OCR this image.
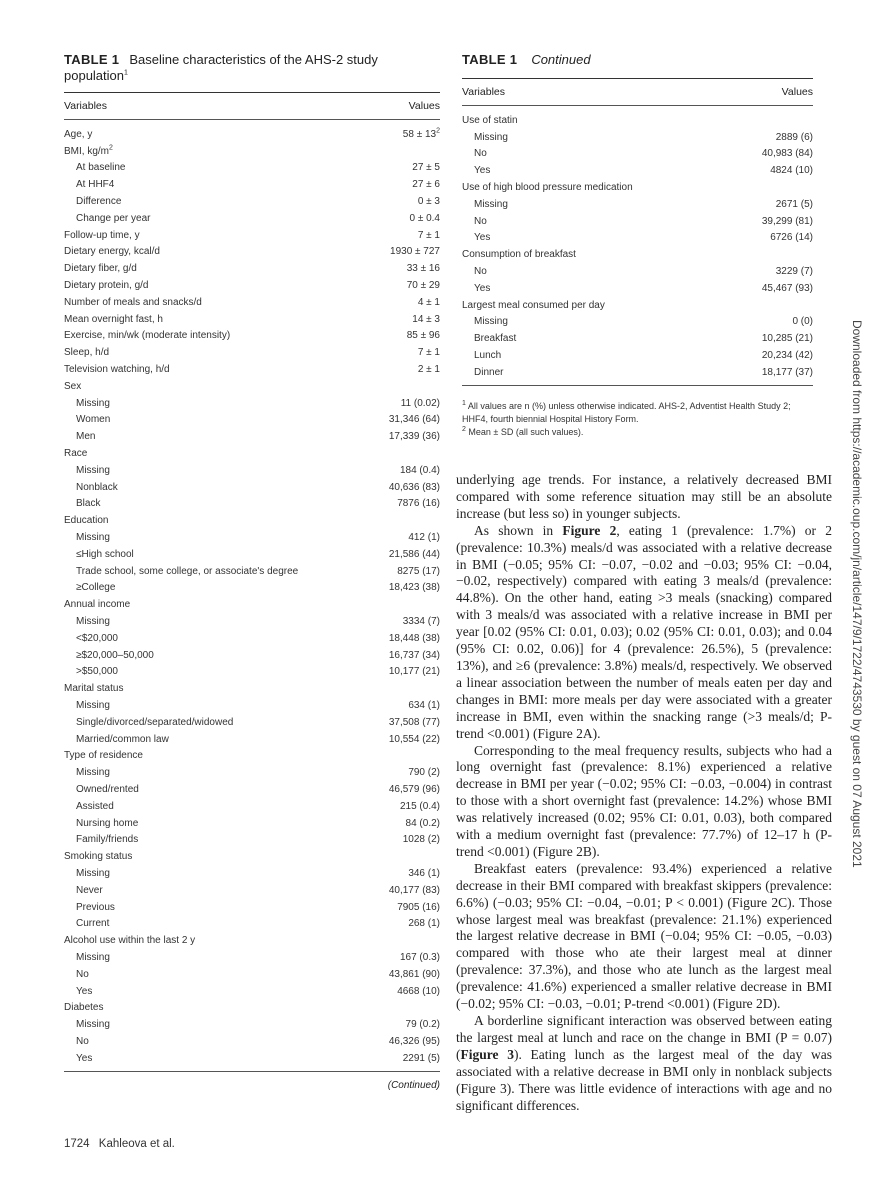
TABLE 1 Baseline characteristics of the AHS-2 study population$^1$
Variables	Values
Age, y	$58 \pm 13^2$
BMI, $kg/m^2$
At baseline	27 ± 5
At HHF4	27 ± 6
Difference	0 ± 3
Change per year	0 ± 0.4
Follow-up time, y	7 ± 1
Dietary energy, kcal/d	1930 ± 727
Dietary fiber, g/d	33 ± 16
Dietary protein, g/d	70 ± 29
Number of meals and snacks/d	4 ± 1
Mean overnight fast, h	14 ± 3
Exercise, min/wk (moderate intensity)	85 ± 96
Sleep, h/d	7 ± 1
Television watching, h/d	2 ± 1
Sex
Missing	11 (0.02)
Women	31,346 (64)
Men	17,339 (36)
Race
Missing	184 (0.4)
Nonblack	40,636 (83)
Black	7876 (16)
Education
Missing	412 (1)
≤High school	21,586 (44)
Trade school, some college, or associate's degree	8275 (17)
≥College	18,423 (38)
Annual income
Missing	3334 (7)
<$20,000	18,448 (38)
≥$20,000–50,000	16,737 (34)
>$50,000	10,177 (21)
Marital status
Missing	634 (1)
Single/divorced/separated/widowed	37,508 (77)
Married/common law	10,554 (22)
Type of residence
Missing	790 (2)
Owned/rented	46,579 (96)
Assisted	215 (0.4)
Nursing home	84 (0.2)
Family/friends	1028 (2)
Smoking status
Missing	346 (1)
Never	40,177 (83)
Previous	7905 (16)
Current	268 (1)
Alcohol use within the last 2 y
Missing	167 (0.3)
No	43,861 (90)
Yes	4668 (10)
Diabetes
Missing	79 (0.2)
No	46,326 (95)
Yes	2291 (5)
(Continued)
TABLE 1 Continued
Variables	Values
Use of statin
Missing	2889 (6)
No	40,983 (84)
Yes	4824 (10)
Use of high blood pressure medication
Missing	2671 (5)
No	39,299 (81)
Yes	6726 (14)
Consumption of breakfast
No	3229 (7)
Yes	45,467 (93)
Largest meal consumed per day
Missing	0 (0)
Breakfast	10,285 (21)
Lunch	20,234 (42)
Dinner	18,177 (37)
$^1$ All values are n (%) unless otherwise indicated. AHS-2, Adventist Health Study 2; HHF4, fourth biennial Hospital History Form.
$^2$ Mean ± SD (all such values).

underlying age trends. For instance, a relatively decreased BMI compared with some reference situation may still be an absolute increase (but less so) in younger subjects.

As shown in Figure 2, eating 1 (prevalence: 1.7%) or 2 (prevalence: 10.3%) meals/d was associated with a relative decrease in BMI (−0.05; 95% CI: −0.07, −0.02 and −0.03; 95% CI: −0.04, −0.02, respectively) compared with eating 3 meals/d (prevalence: 44.8%). On the other hand, eating >3 meals (snacking) compared with 3 meals/d was associated with a relative increase in BMI per year [0.02 (95% CI: 0.01, 0.03); 0.02 (95% CI: 0.01, 0.03); and 0.04 (95% CI: 0.02, 0.06)] for 4 (prevalence: 26.5%), 5 (prevalence: 13%), and ≥6 (prevalence: 3.8%) meals/d, respectively. We observed a linear association between the number of meals eaten per day and changes in BMI: more meals per day were associated with a greater increase in BMI, even within the snacking range (>3 meals/d; P-trend <0.001) (Figure 2A).

Corresponding to the meal frequency results, subjects who had a long overnight fast (prevalence: 8.1%) experienced a relative decrease in BMI per year (−0.02; 95% CI: −0.03, −0.004) in contrast to those with a short overnight fast (prevalence: 14.2%) whose BMI was relatively increased (0.02; 95% CI: 0.01, 0.03), both compared with a medium overnight fast (prevalence: 77.7%) of 12–17 h (P-trend <0.001) (Figure 2B).

Breakfast eaters (prevalence: 93.4%) experienced a relative decrease in their BMI compared with breakfast skippers (prevalence: 6.6%) (−0.03; 95% CI: −0.04, −0.01; P < 0.001) (Figure 2C). Those whose largest meal was breakfast (prevalence: 21.1%) experienced the largest relative decrease in BMI (−0.04; 95% CI: −0.05, −0.03) compared with those who ate their largest meal at dinner (prevalence: 37.3%), and those who ate lunch as the largest meal (prevalence: 41.6%) experienced a smaller relative decrease in BMI (−0.02; 95% CI: −0.03, −0.01; P-trend <0.001) (Figure 2D).

A borderline significant interaction was observed between eating the largest meal at lunch and race on the change in BMI (P = 0.07) (Figure 3). Eating lunch as the largest meal of the day was associated with a relative decrease in BMI only in nonblack subjects (Figure 3). There was little evidence of interactions with age and no significant differences.

1724 Kahleova et al.
Downloaded from https://academic.oup.com/jn/article/147/9/1722/4743530 by guest on 07 August 2021
